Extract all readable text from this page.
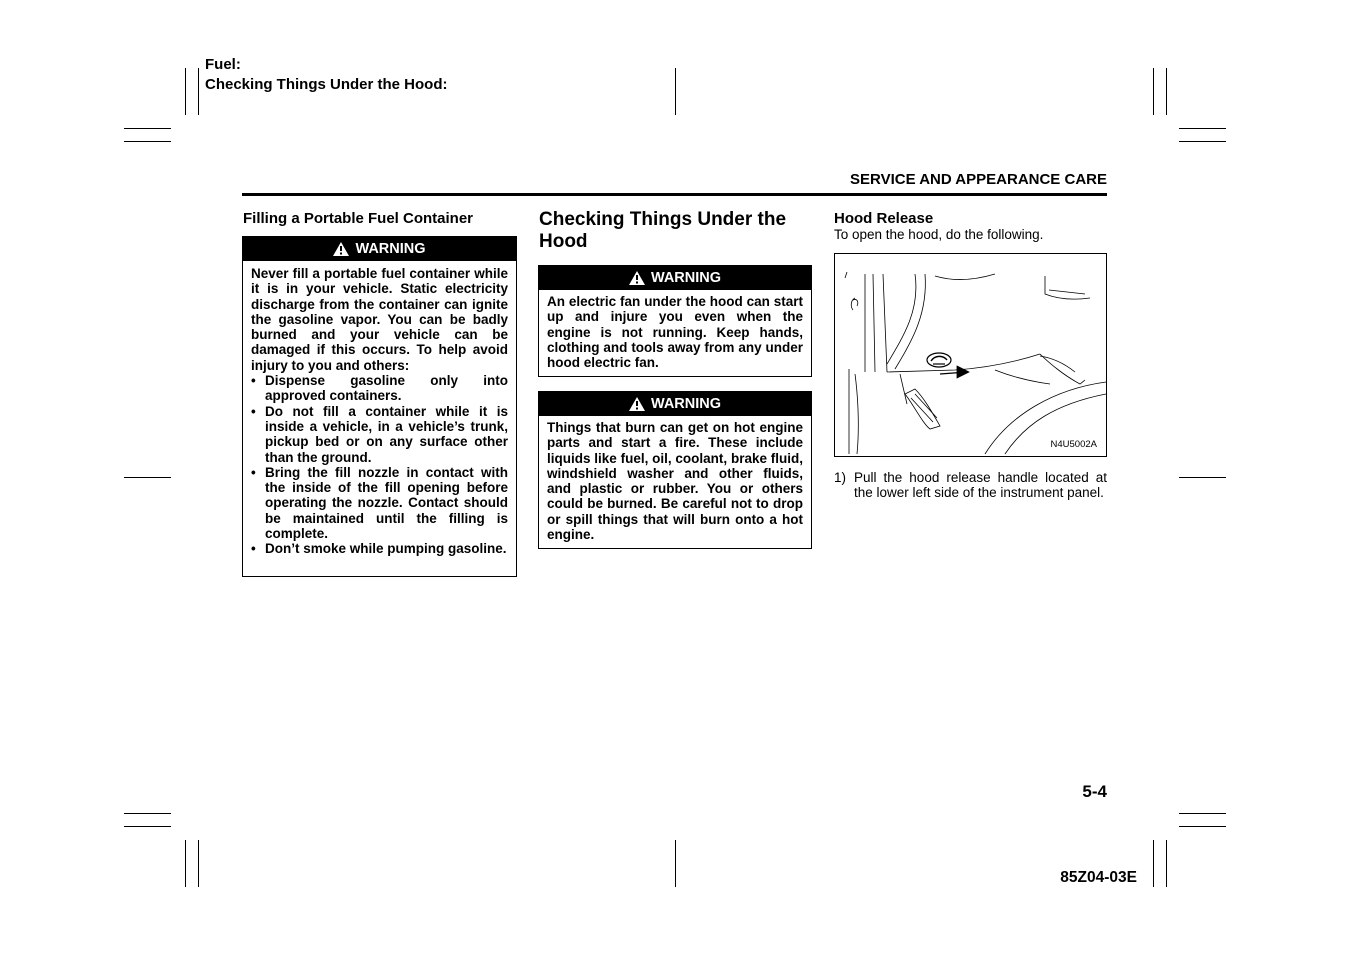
Fuel:
Checking Things Under the Hood:
SERVICE AND APPEARANCE CARE
Filling a Portable Fuel Container
WARNING
Never fill a portable fuel container while it is in your vehicle. Static electricity discharge from the container can ignite the gasoline vapor. You can be badly burned and your vehicle can be damaged if this occurs. To help avoid injury to you and others:
• Dispense gasoline only into approved containers.
• Do not fill a container while it is inside a vehicle, in a vehicle’s trunk, pickup bed or on any surface other than the ground.
• Bring the fill nozzle in contact with the inside of the fill opening before operating the nozzle. Contact should be maintained until the filling is complete.
• Don’t smoke while pumping gasoline.
Checking Things Under the Hood
WARNING
An electric fan under the hood can start up and injure you even when the engine is not running. Keep hands, clothing and tools away from any under hood electric fan.
WARNING
Things that burn can get on hot engine parts and start a fire. These include liquids like fuel, oil, coolant, brake fluid, windshield washer and other fluids, and plastic or rubber. You or others could be burned. Be careful not to drop or spill things that will burn onto a hot engine.
Hood Release
To open the hood, do the following.
N4U5002A
1) Pull the hood release handle located at the lower left side of the instrument panel.
5-4
85Z04-03E
